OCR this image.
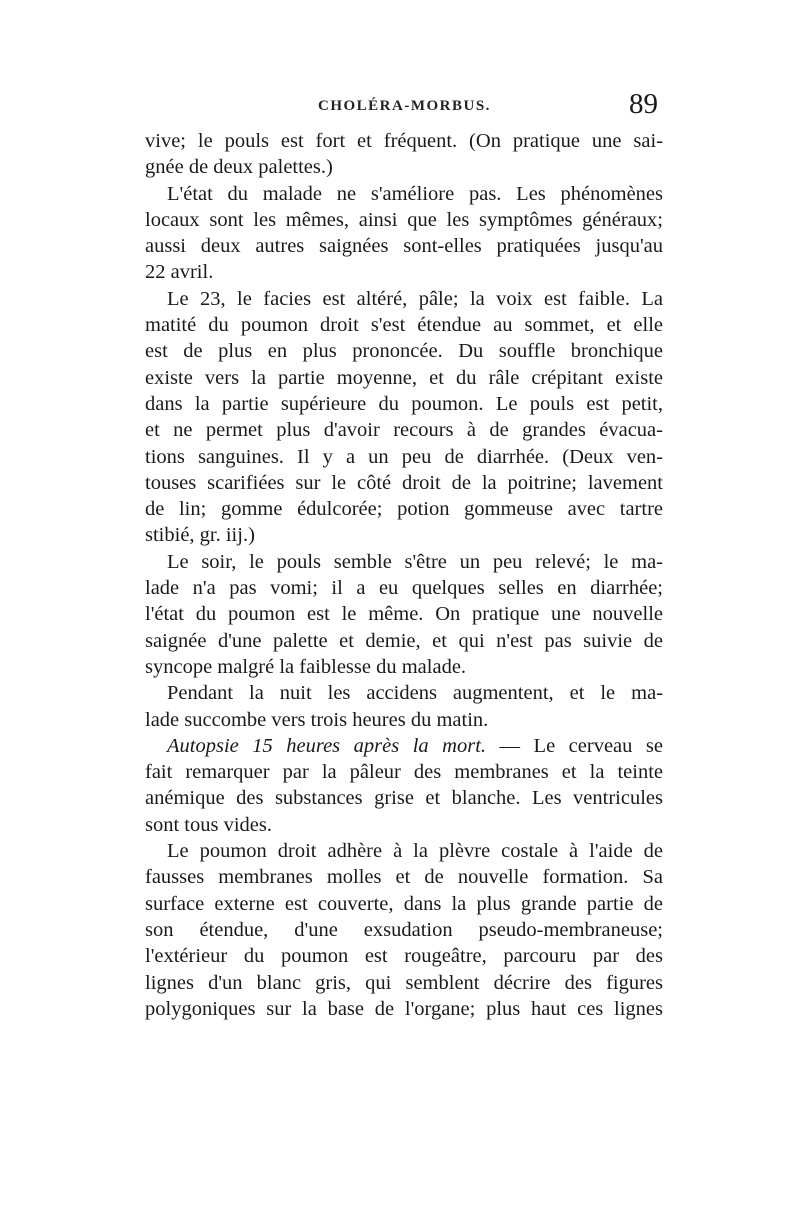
CHOLÉRA-MORBUS.	89
vive; le pouls est fort et fréquent. (On pratique une sai-
gnée de deux palettes.)
L'état du malade ne s'améliore pas. Les phénomènes
locaux sont les mêmes, ainsi que les symptômes généraux;
aussi deux autres saignées sont-elles pratiquées jusqu'au
22 avril.
Le 23, le facies est altéré, pâle; la voix est faible. La
matité du poumon droit s'est étendue au sommet, et elle
est de plus en plus prononcée. Du souffle bronchique
existe vers la partie moyenne, et du râle crépitant existe
dans la partie supérieure du poumon. Le pouls est petit,
et ne permet plus d'avoir recours à de grandes évacua-
tions sanguines. Il y a un peu de diarrhée. (Deux ven-
touses scarifiées sur le côté droit de la poitrine; lavement
de lin; gomme édulcorée; potion gommeuse avec tartre
stibié, gr. iij.)
Le soir, le pouls semble s'être un peu relevé; le ma-
lade n'a pas vomi; il a eu quelques selles en diarrhée;
l'état du poumon est le même. On pratique une nouvelle
saignée d'une palette et demie, et qui n'est pas suivie de
syncope malgré la faiblesse du malade.
Pendant la nuit les accidens augmentent, et le ma-
lade succombe vers trois heures du matin.
Autopsie 15 heures après la mort. — Le cerveau se
fait remarquer par la pâleur des membranes et la teinte
anémique des substances grise et blanche. Les ventricules
sont tous vides.
Le poumon droit adhère à la plèvre costale à l'aide de
fausses membranes molles et de nouvelle formation. Sa
surface externe est couverte, dans la plus grande partie de
son étendue, d'une exsudation pseudo-membraneuse;
l'extérieur du poumon est rougeâtre, parcouru par des
lignes d'un blanc gris, qui semblent décrire des figures
polygoniques sur la base de l'organe; plus haut ces lignes
